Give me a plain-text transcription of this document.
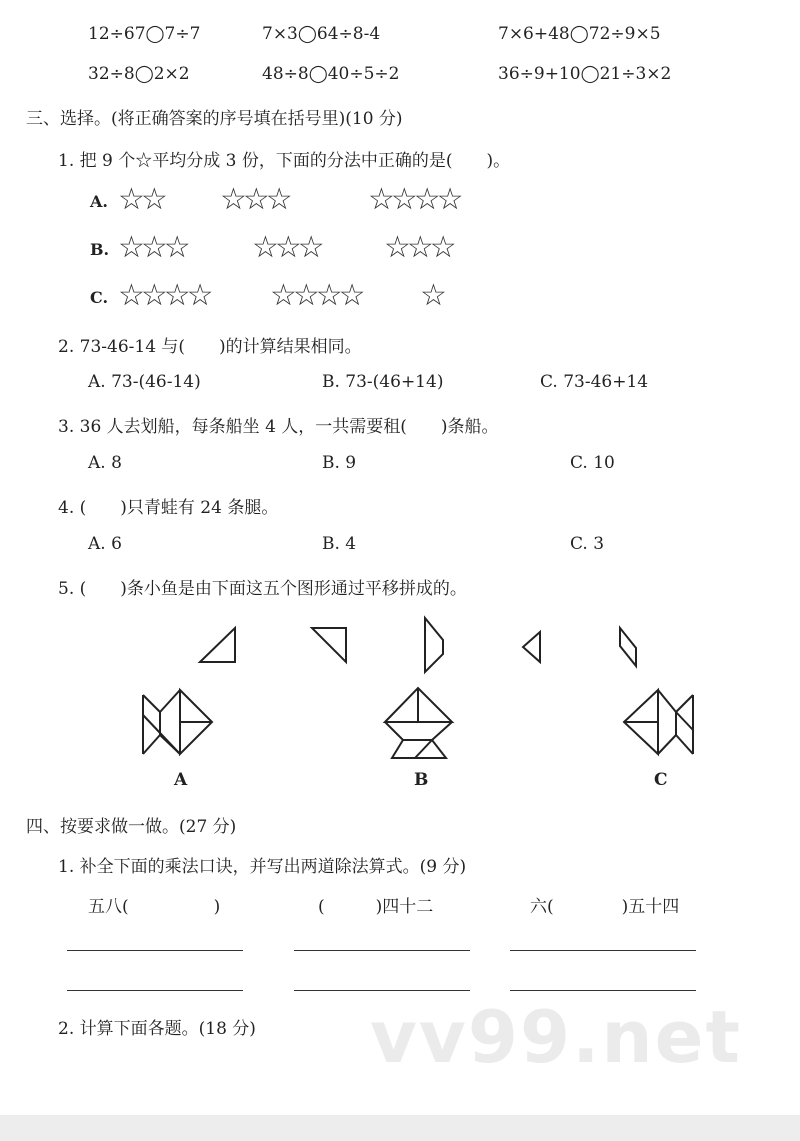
12÷67◯7÷7	7×3◯64÷8-4	7×6+48◯72÷9×5
32÷8◯2×2	48÷8◯40÷5÷2	36÷9+10◯21÷3×2
三、选择。(将正确答案的序号填在括号里)(10 分)
1. 把 9 个☆平均分成 3 份，下面的分法中正确的是(　　)。
A. ☆☆ ☆☆☆	☆☆☆☆
B. ☆☆☆ ☆☆☆ ☆☆☆
C. ☆☆☆☆ ☆☆☆☆ ☆
2. 73-46-14 与(　　)的计算结果相同。
A. 73-(46-14)	B. 73-(46+14)	C. 73-46+14
3. 36 人去划船，每条船坐 4 人，一共需要租(　　)条船。
A. 8	B. 9	C. 10
4. (　　)只青蛙有 24 条腿。
A. 6	B. 4	C. 3
5. (　　)条小鱼是由下面这五个图形通过平移拼成的。
A	B	C
四、按要求做一做。(27 分)
1. 补全下面的乘法口诀，并写出两道除法算式。(9 分)
五八(　　　　　)	(　　　)四十二	六(　　　　)五十四
2. 计算下面各题。(18 分) vv99.net
